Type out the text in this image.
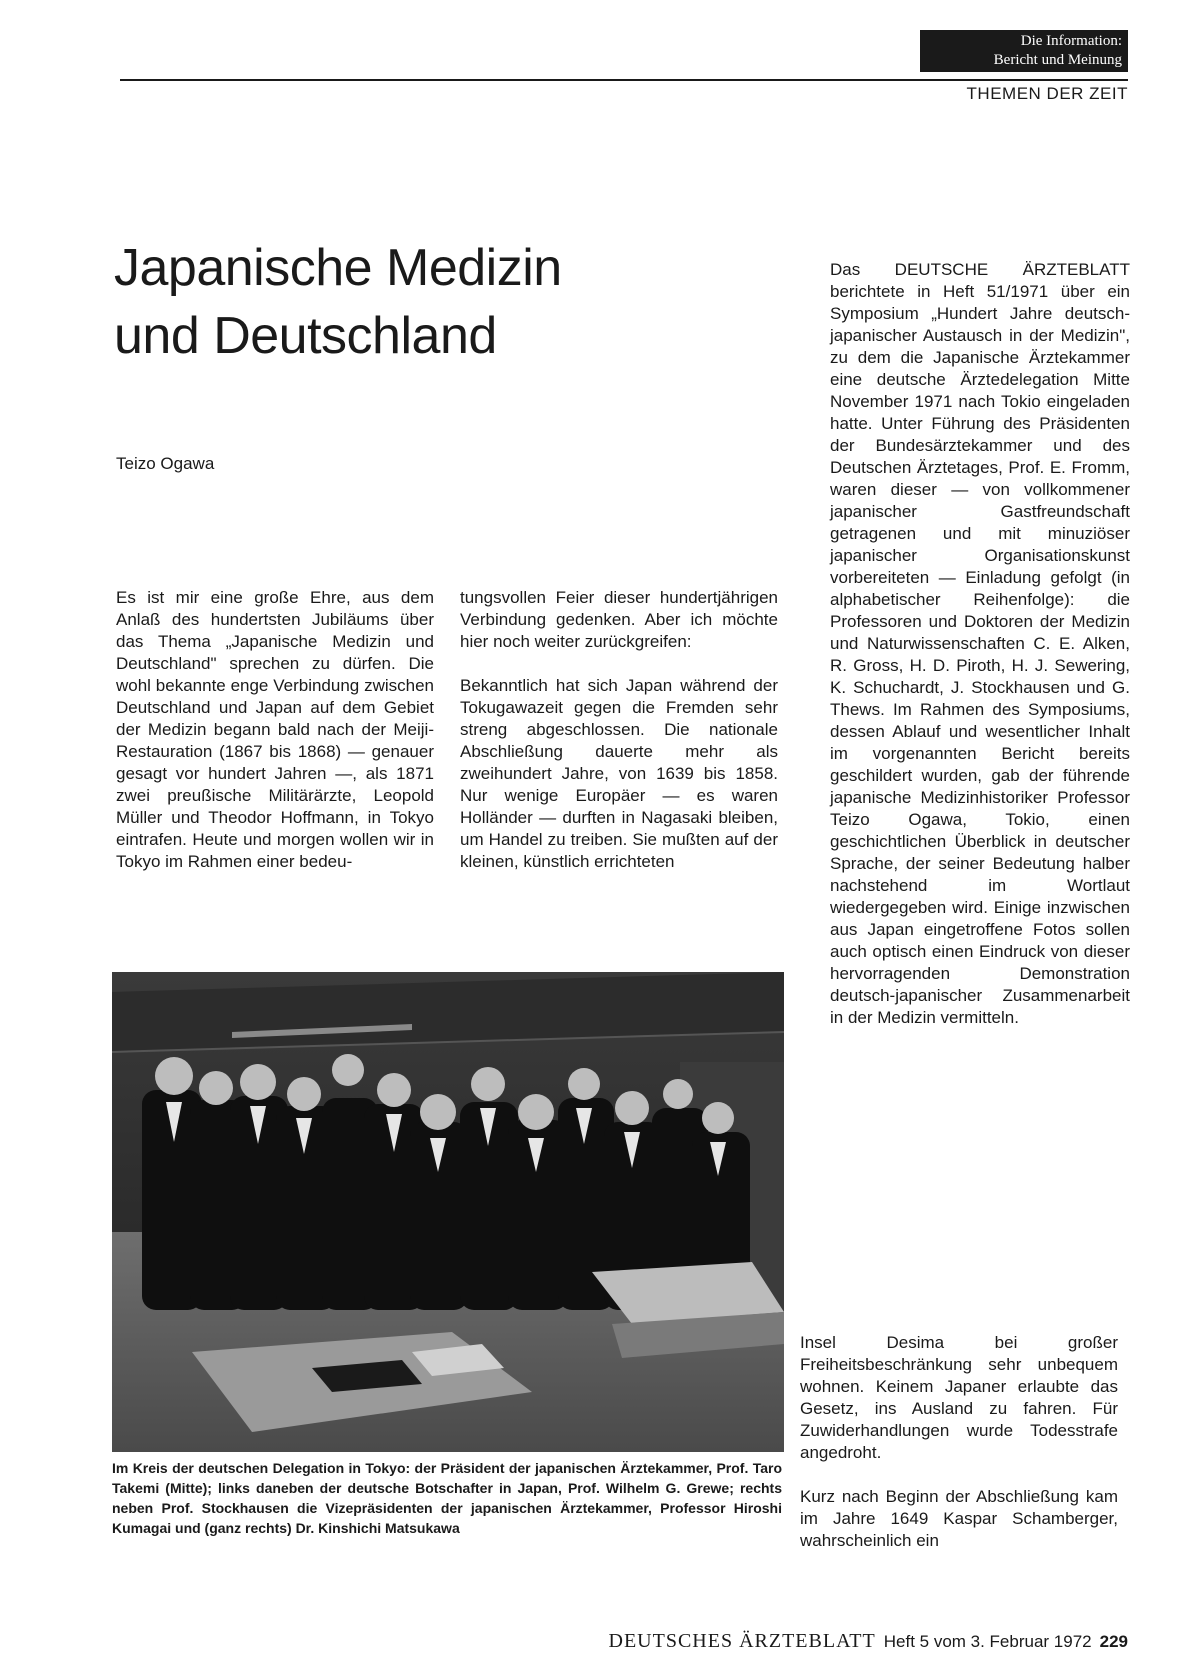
Die Information:
Bericht und Meinung
THEMEN DER ZEIT
Japanische Medizin
und Deutschland
Teizo Ogawa

Es ist mir eine große Ehre, aus dem Anlaß des hundertsten Jubiläums über das Thema „Japanische Medizin und Deutschland" sprechen zu dürfen. Die wohl bekannte enge Verbindung zwischen Deutschland und Japan auf dem Gebiet der Medizin begann bald nach der Meiji-Restauration (1867 bis 1868) — genauer gesagt vor hundert Jahren —, als 1871 zwei preußische Militärärzte, Leopold Müller und Theodor Hoffmann, in Tokyo eintrafen. Heute und morgen wollen wir in Tokyo im Rahmen einer bedeu-

tungsvollen Feier dieser hundertjährigen Verbindung gedenken. Aber ich möchte hier noch weiter zurückgreifen:

Bekanntlich hat sich Japan während der Tokugawazeit gegen die Fremden sehr streng abgeschlossen. Die nationale Abschließung dauerte mehr als zweihundert Jahre, von 1639 bis 1858. Nur wenige Europäer — es waren Holländer — durften in Nagasaki bleiben, um Handel zu treiben. Sie mußten auf der kleinen, künstlich errichteten

Das DEUTSCHE ÄRZTEBLATT berichtete in Heft 51/1971 über ein Symposium „Hundert Jahre deutsch-japanischer Austausch in der Medizin", zu dem die Japanische Ärztekammer eine deutsche Ärztedelegation Mitte November 1971 nach Tokio eingeladen hatte. Unter Führung des Präsidenten der Bundesärztekammer und des Deutschen Ärztetages, Prof. E. Fromm, waren dieser — von vollkommener japanischer Gastfreundschaft getragenen und mit minuziöser japanischer Organisationskunst vorbereiteten — Einladung gefolgt (in alphabetischer Reihenfolge): die Professoren und Doktoren der Medizin und Naturwissenschaften C. E. Alken, R. Gross, H. D. Piroth, H. J. Sewering, K. Schuchardt, J. Stockhausen und G. Thews. Im Rahmen des Symposiums, dessen Ablauf und wesentlicher Inhalt im vorgenannten Bericht bereits geschildert wurden, gab der führende japanische Medizinhistoriker Professor Teizo Ogawa, Tokio, einen geschichtlichen Überblick in deutscher Sprache, der seiner Bedeutung halber nachstehend im Wortlaut wiedergegeben wird. Einige inzwischen aus Japan eingetroffene Fotos sollen auch optisch einen Eindruck von dieser hervorragenden Demonstration deutsch-japanischer Zusammenarbeit in der Medizin vermitteln.

Im Kreis der deutschen Delegation in Tokyo: der Präsident der japanischen Ärztekammer, Prof. Taro Takemi (Mitte); links daneben der deutsche Botschafter in Japan, Prof. Wilhelm G. Grewe; rechts neben Prof. Stockhausen die Vizepräsidenten der japanischen Ärztekammer, Professor Hiroshi Kumagai und (ganz rechts) Dr. Kinshichi Matsukawa

Insel Desima bei großer Freiheitsbeschränkung sehr unbequem wohnen. Keinem Japaner erlaubte das Gesetz, ins Ausland zu fahren. Für Zuwiderhandlungen wurde Todesstrafe angedroht.

Kurz nach Beginn der Abschließung kam im Jahre 1649 Kaspar Schamberger, wahrscheinlich ein

DEUTSCHES ÄRZTEBLATT Heft 5 vom 3. Februar 1972 229
